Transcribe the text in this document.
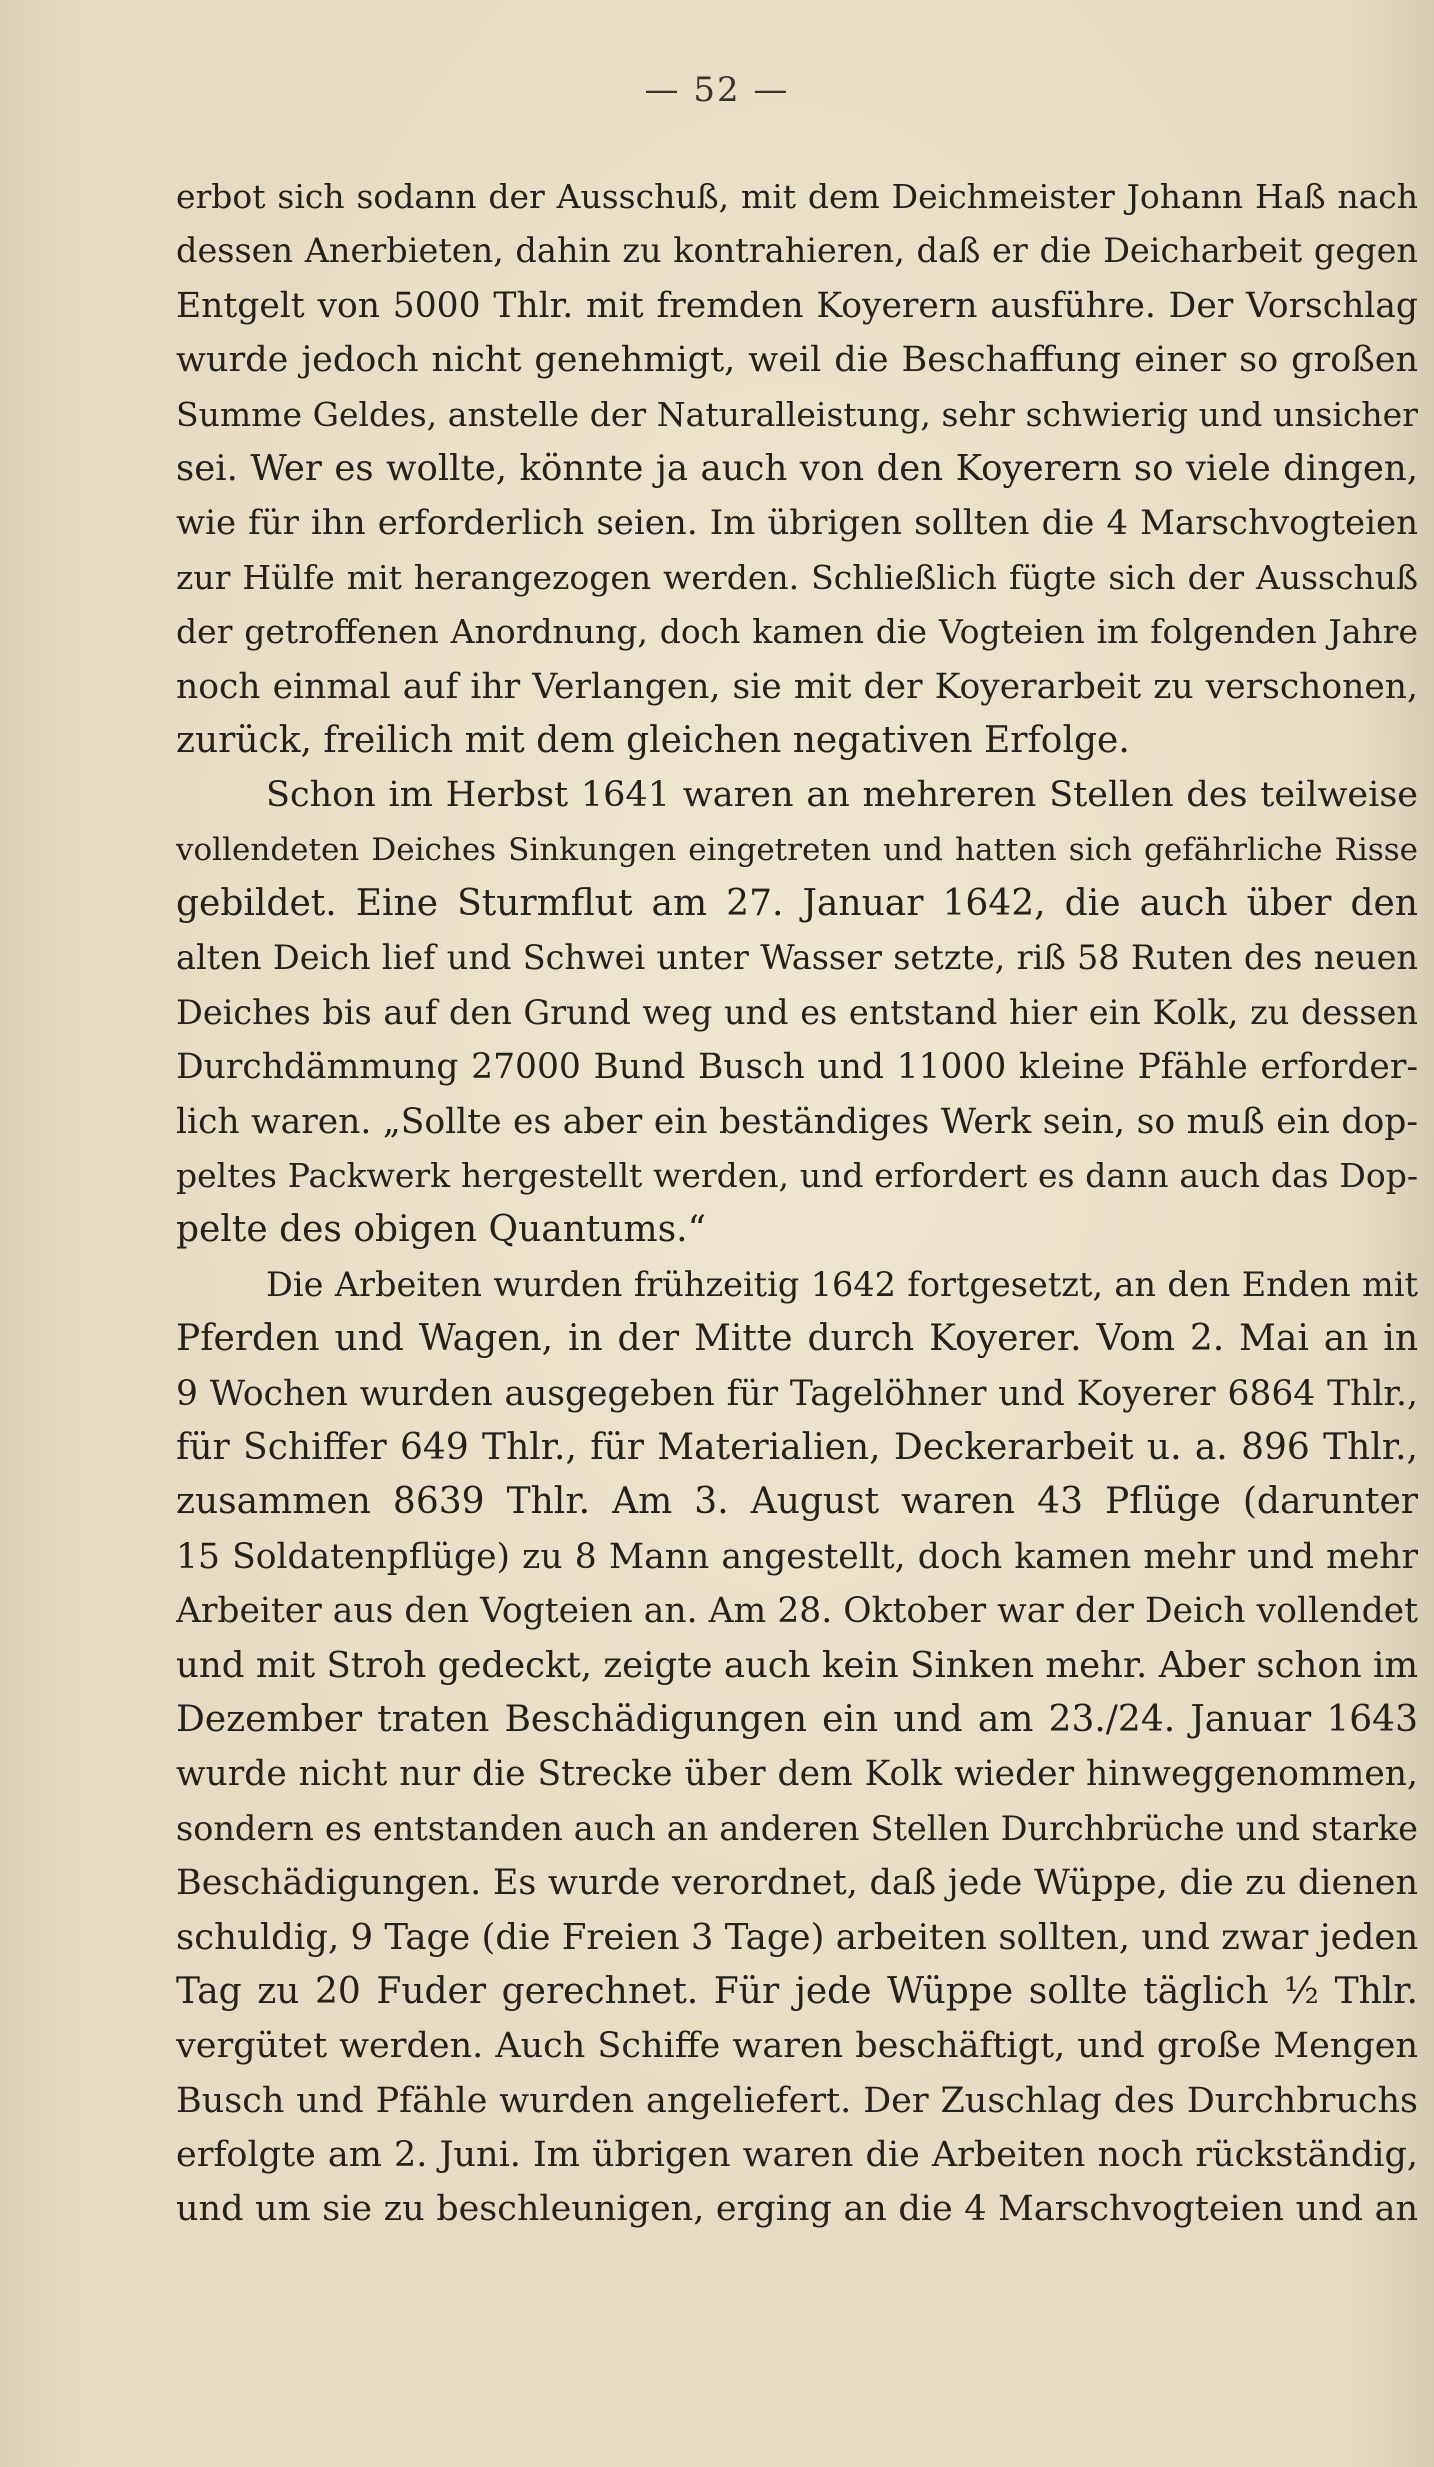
— 52 —
erbot sich sodann der Ausschuß, mit dem Deichmeister Johann Haß nach
dessen Anerbieten, dahin zu kontrahieren, daß er die Deicharbeit gegen
Entgelt von 5000 Thlr. mit fremden Koyerern ausführe. Der Vorschlag
wurde jedoch nicht genehmigt, weil die Beschaffung einer so großen
Summe Geldes, anstelle der Naturalleistung, sehr schwierig und unsicher
sei. Wer es wollte, könnte ja auch von den Koyerern so viele dingen,
wie für ihn erforderlich seien. Im übrigen sollten die 4 Marschvogteien
zur Hülfe mit herangezogen werden. Schließlich fügte sich der Ausschuß
der getroffenen Anordnung, doch kamen die Vogteien im folgenden Jahre
noch einmal auf ihr Verlangen, sie mit der Koyerarbeit zu verschonen,
zurück, freilich mit dem gleichen negativen Erfolge.
Schon im Herbst 1641 waren an mehreren Stellen des teilweise
vollendeten Deiches Sinkungen eingetreten und hatten sich gefährliche Risse
gebildet. Eine Sturmflut am 27. Januar 1642, die auch über den
alten Deich lief und Schwei unter Wasser setzte, riß 58 Ruten des neuen
Deiches bis auf den Grund weg und es entstand hier ein Kolk, zu dessen
Durchdämmung 27000 Bund Busch und 11000 kleine Pfähle erforder-
lich waren. „Sollte es aber ein beständiges Werk sein, so muß ein dop-
peltes Packwerk hergestellt werden, und erfordert es dann auch das Dop-
pelte des obigen Quantums.“
Die Arbeiten wurden frühzeitig 1642 fortgesetzt, an den Enden mit
Pferden und Wagen, in der Mitte durch Koyerer. Vom 2. Mai an in
9 Wochen wurden ausgegeben für Tagelöhner und Koyerer 6864 Thlr.,
für Schiffer 649 Thlr., für Materialien, Deckerarbeit u. a. 896 Thlr.,
zusammen 8639 Thlr. Am 3. August waren 43 Pflüge (darunter
15 Soldatenpflüge) zu 8 Mann angestellt, doch kamen mehr und mehr
Arbeiter aus den Vogteien an. Am 28. Oktober war der Deich vollendet
und mit Stroh gedeckt, zeigte auch kein Sinken mehr. Aber schon im
Dezember traten Beschädigungen ein und am 23./24. Januar 1643
wurde nicht nur die Strecke über dem Kolk wieder hinweggenommen,
sondern es entstanden auch an anderen Stellen Durchbrüche und starke
Beschädigungen. Es wurde verordnet, daß jede Wüppe, die zu dienen
schuldig, 9 Tage (die Freien 3 Tage) arbeiten sollten, und zwar jeden
Tag zu 20 Fuder gerechnet. Für jede Wüppe sollte täglich ½ Thlr.
vergütet werden. Auch Schiffe waren beschäftigt, und große Mengen
Busch und Pfähle wurden angeliefert. Der Zuschlag des Durchbruchs
erfolgte am 2. Juni. Im übrigen waren die Arbeiten noch rückständig,
und um sie zu beschleunigen, erging an die 4 Marschvogteien und an
